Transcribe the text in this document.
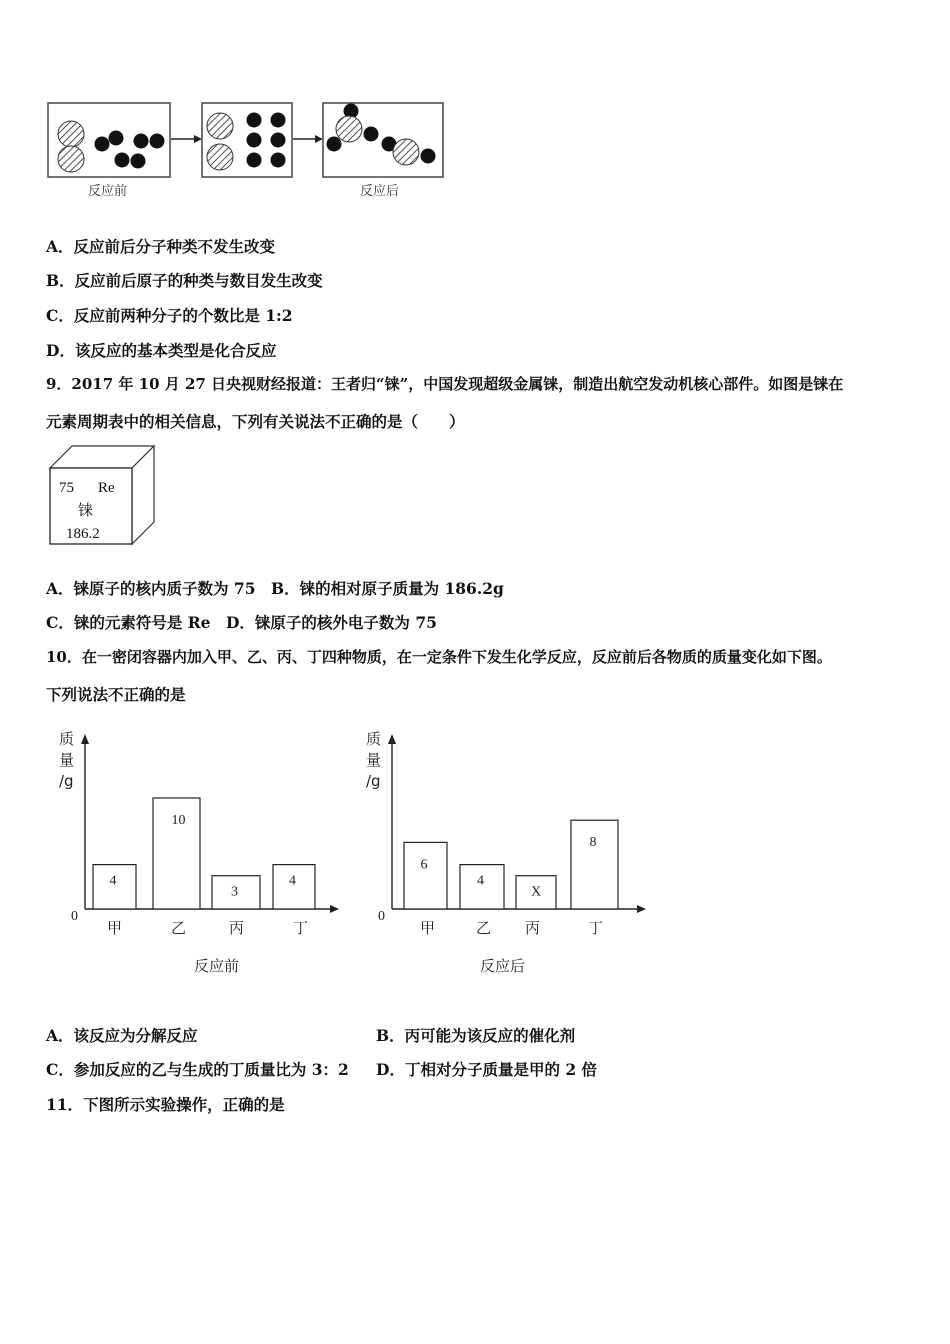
反应前	反应后
A．反应前后分子种类不发生改变
B．反应前后原子的种类与数目发生改变
C．反应前两种分子的个数比是 1:2
D．该反应的基本类型是化合反应
9．2017 年 10 月 27 日央视财经报道：王者归“铼”，中国发现超级金属铼，制造出航空发动机核心部件。如图是铼在
元素周期表中的相关信息，下列有关说法不正确的是（　　）
75 Re
铼
186.2
A．铼原子的核内质子数为 75　B．铼的相对原子质量为 186.2g
C．铼的元素符号是 Re　D．铼原子的核外电子数为 75
10．在一密闭容器内加入甲、乙、丙、丁四种物质，在一定条件下发生化学反应，反应前后各物质的质量变化如下图。
下列说法不正确的是
质
量
/g
0
4
甲
10
乙
3
丙
4
丁
反应前
质
量
/g
0
6
甲
4
乙
X
丙
8
丁
反应后
A．该反应为分解反应	B．丙可能为该反应的催化剂
C．参加反应的乙与生成的丁质量比为 3：2 D．丁相对分子质量是甲的 2 倍
11．下图所示实验操作，正确的是
